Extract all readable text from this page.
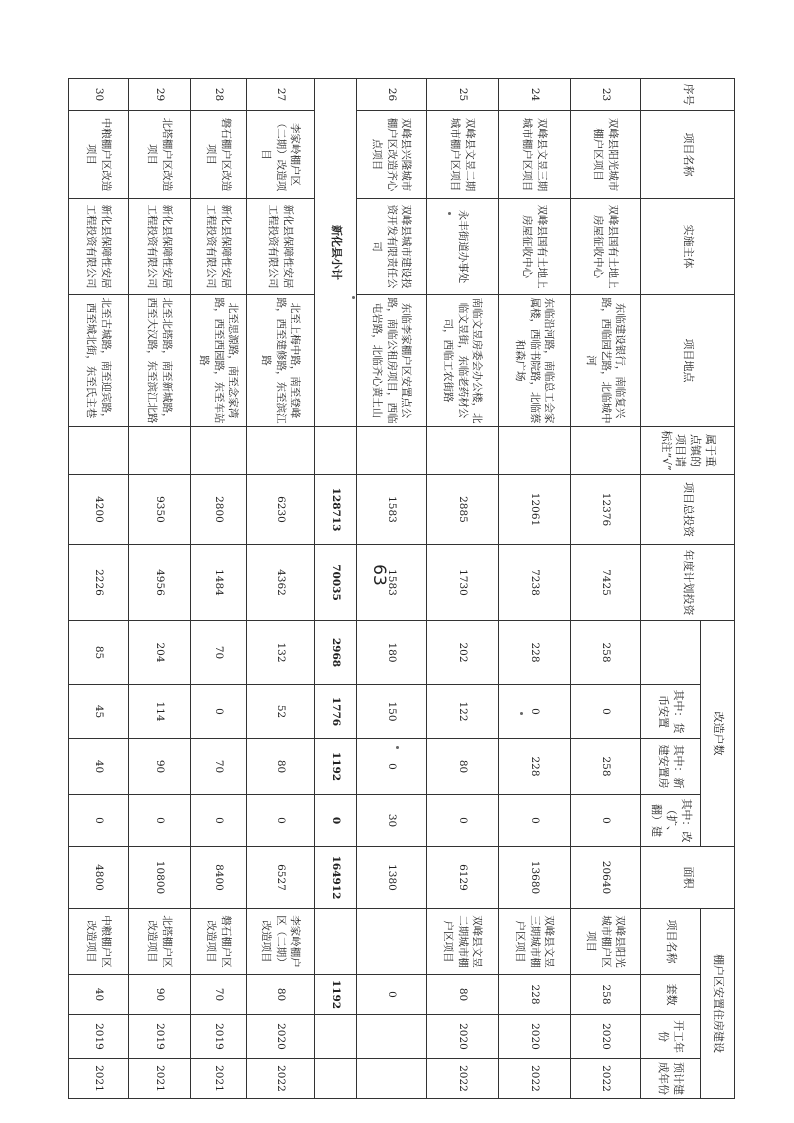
序号	项目名称	实施主体	项目地点	属于重点镇的项目请标注“√”	项目总投资	年度计划投资	改造户数				面积	棚户区安置住房建设			
								其中：货币安置	其中：新建安置房	其中：改（扩、翻）建		项目名称	套数	开工年份	预计建成年份
23	双峰县阳光城市棚户区项目	双峰县国有土地上房屋征收中心	东临建设银行，南临复兴路，西临园艺路，北临城中河		12376	7425	258	0	258	0	20640	双峰县阳光城市棚户区项目	258	2020	2022
24	双峰县文昱三期城市棚户区项目	双峰县国有土地上房屋征收中心	东临沿河路，南临总工会家属楼，西临书院路，北临蔡和森广场		12061	7238	228	0	228	0	13680	双峰县文昱三期城市棚户区项目	228	2020	2022
25	双峰县文昱二期城市棚户区项目	永丰街道办事处	南临文昱房委会办公楼，北临文昱街，东临老药材公司，西临工农街路		2885	1730	202	122	80	0	6129	双峰县文昱二期城市棚户区项目	80	2020	2022
26	双峰县兴隆城市棚户区改造齐心点项目	双峰县城市建设投资开发有限责任公司	东临李家棚户区安置点公路，南临公租房项目，西临屯岩路，北临齐心黄土山		1583	1583	180	150	0	30	1380		0		
新化县小计					128713	70035	2968	1776	1192	0	164912		1192		
27	李家岭棚户区（二期）改造项目	新化县保障性安居工程投资有限公司	北至上梅中路，南至登峰路，西至建修路，东至滨江路		6230	4362	132	52	80	0	6527	李家岭棚户区（二期）改造项目	80	2020	2022
28	磐石棚户区改造项目	新化县保障性安居工程投资有限公司	北至思源路，南至念家湾路，西至西园路，东至车站路		2800	1484	70	0	70	0	8400	磐石棚户区改造项目	70	2019	2021
29	北塔棚户区改造项目	新化县保障性安居工程投资有限公司	北至北塔路，南至新城路，西至大汉路，东至滨江北路		9350	4956	204	114	90	0	10800	北塔棚户区改造项目	90	2019	2021
30	中粮棚户区改造项目	新化县保障性安居工程投资有限公司	北至古城路，南至迎宾路，西至城北街，东至氏主巷		4200	2226	85	45	40	0	4800	中粮棚户区改造项目	40	2019	2021
63
